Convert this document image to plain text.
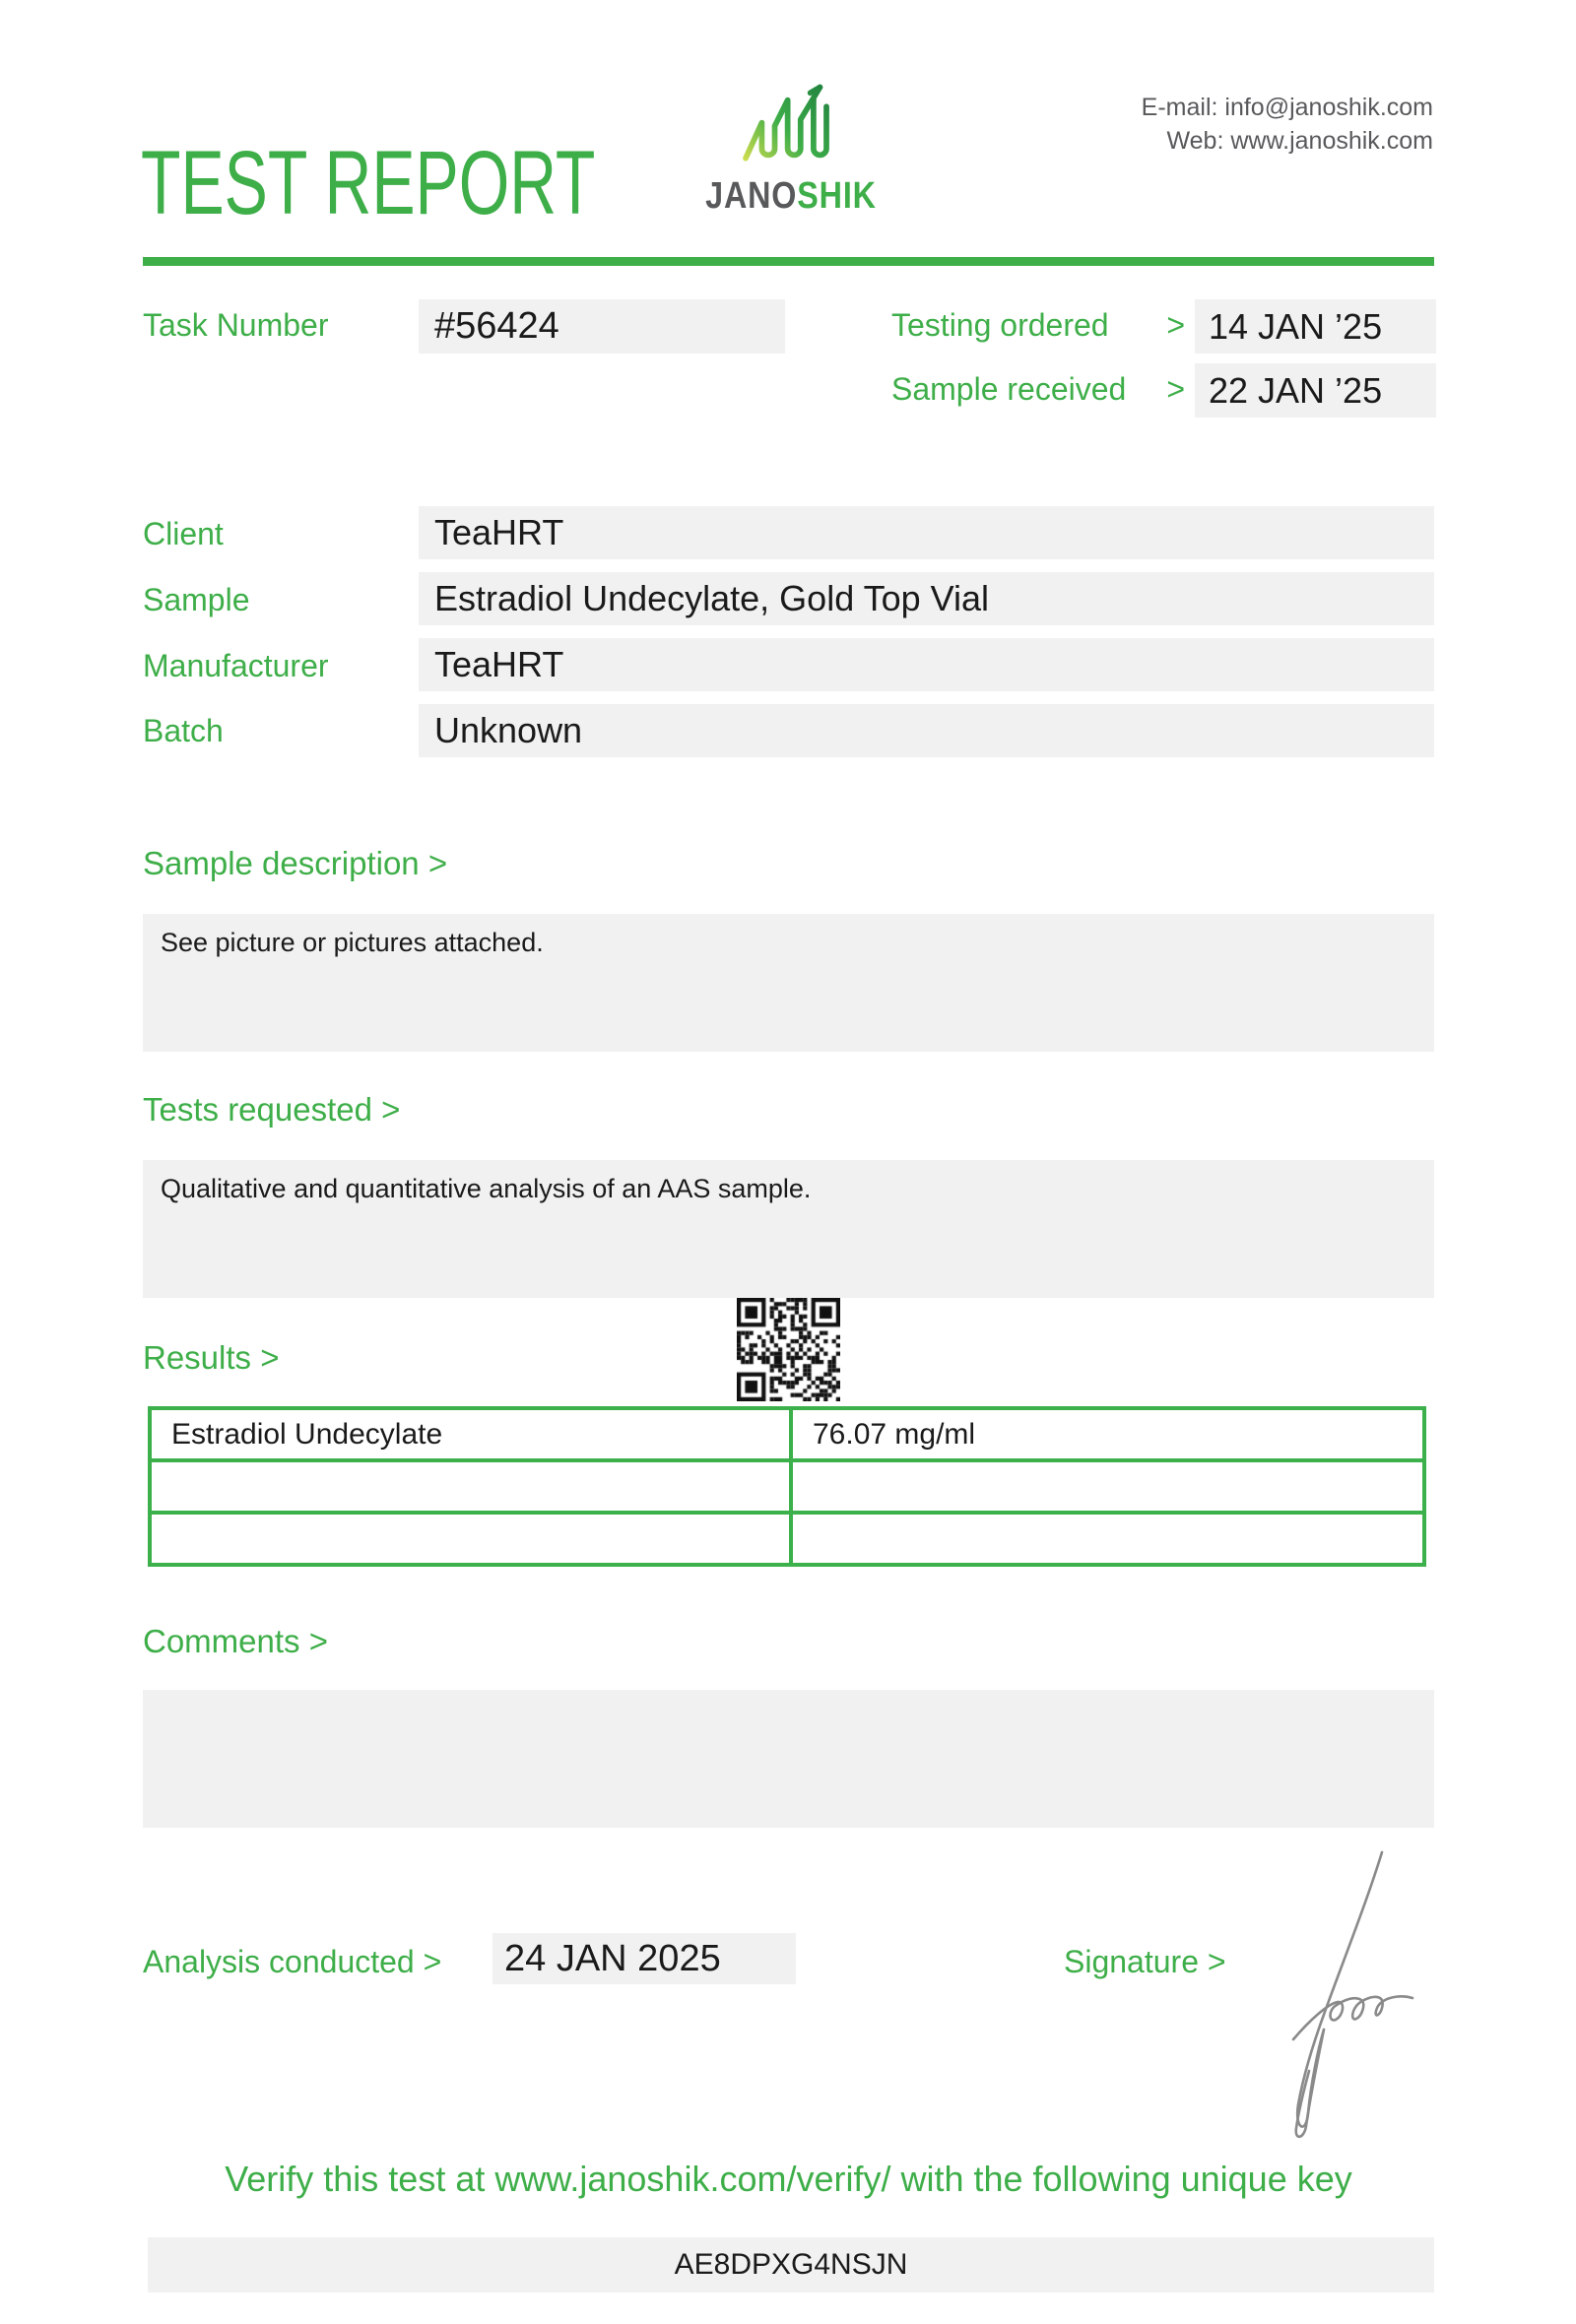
TEST REPORT	JANOSHIK
E-mail: info@janoshik.com
Web: www.janoshik.com
Task Number	#56424	Testing ordered > 14 JAN ’25
Sample received > 22 JAN ’25
Client	TeaHRT
Sample	Estradiol Undecylate, Gold Top Vial
Manufacturer	TeaHRT
Batch	Unknown
Sample description >
See picture or pictures attached.
Tests requested >
Qualitative and quantitative analysis of an AAS sample.
Results >
Estradiol Undecylate	76.07 mg/ml

Comments >
Analysis conducted >	24 JAN 2025	Signature >
Verify this test at www.janoshik.com/verify/ with the following unique key
AE8DPXG4NSJN
